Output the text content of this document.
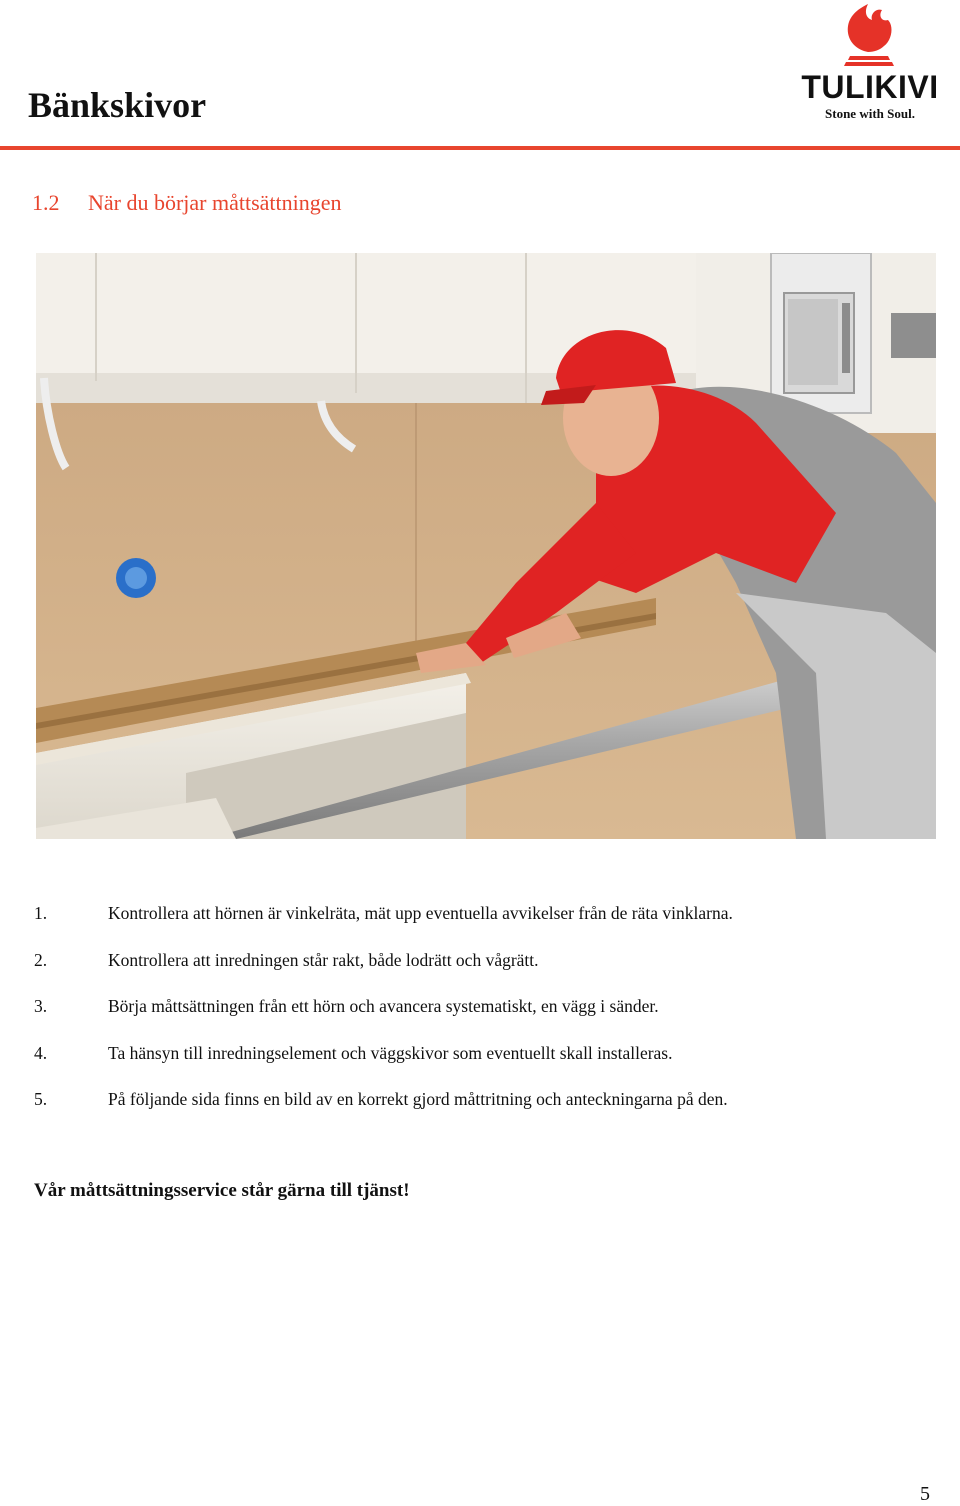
Bänkskivor	TULIKIVI
Stone with Soul.
1.2 När du börjar måttsättningen
1.	Kontrollera att hörnen är vinkelräta, mät upp eventuella avvikelser från de räta vinklarna.
2.	Kontrollera att inredningen står rakt, både lodrätt och vågrätt.
3.	Börja måttsättningen från ett hörn och avancera systematiskt, en vägg i sänder.
4.	Ta hänsyn till inredningselement och väggskivor som eventuellt skall installeras.
5.	På följande sida finns en bild av en korrekt gjord måttritning och anteckningarna på den.

Vår måttsättningsservice står gärna till tjänst!

5
